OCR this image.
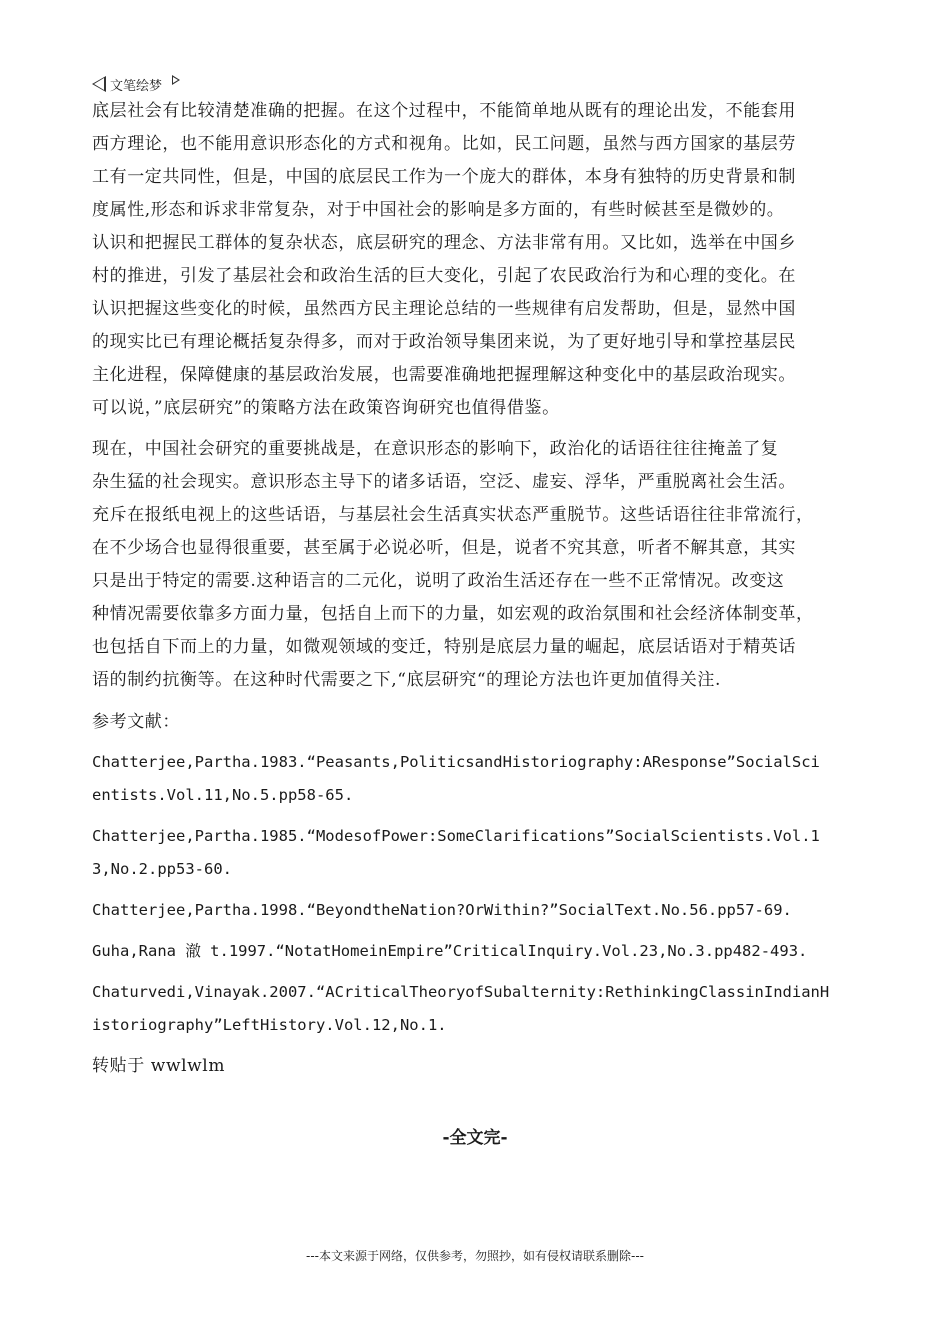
文笔绘梦
底层社会有比较清楚准确的把握。在这个过程中，不能简单地从既有的理论出发，不能套用
西方理论，也不能用意识形态化的方式和视角。比如，民工问题，虽然与西方国家的基层劳
工有一定共同性，但是，中国的底层民工作为一个庞大的群体，本身有独特的历史背景和制
度属性,形态和诉求非常复杂，对于中国社会的影响是多方面的，有些时候甚至是微妙的。
认识和把握民工群体的复杂状态，底层研究的理念、方法非常有用。又比如，选举在中国乡
村的推进，引发了基层社会和政治生活的巨大变化，引起了农民政治行为和心理的变化。在
认识把握这些变化的时候，虽然西方民主理论总结的一些规律有启发帮助，但是，显然中国
的现实比已有理论概括复杂得多，而对于政治领导集团来说，为了更好地引导和掌控基层民
主化进程，保障健康的基层政治发展，也需要准确地把握理解这种变化中的基层政治现实。
可以说，”底层研究”的策略方法在政策咨询研究也值得借鉴。
现在，中国社会研究的重要挑战是，在意识形态的影响下，政治化的话语往往往掩盖了复
杂生猛的社会现实。意识形态主导下的诸多话语，空泛、虚妄、浮华，严重脱离社会生活。
充斥在报纸电视上的这些话语，与基层社会生活真实状态严重脱节。这些话语往往非常流行，
在不少场合也显得很重要，甚至属于必说必听，但是，说者不究其意，听者不解其意，其实
只是出于特定的需要.这种语言的二元化，说明了政治生活还存在一些不正常情况。改变这
种情况需要依靠多方面力量，包括自上而下的力量，如宏观的政治氛围和社会经济体制变革，
也包括自下而上的力量，如微观领域的变迁，特别是底层力量的崛起，底层话语对于精英话
语的制约抗衡等。在这种时代需要之下,“底层研究“的理论方法也许更加值得关注.
参考文献：
Chatterjee,Partha.1983.“Peasants,PoliticsandHistoriography:AResponse”SocialSci
entists.Vol.11,No.5.pp58-65.
Chatterjee,Partha.1985.“ModesofPower:SomeClarifications”SocialScientists.Vol.1
3,No.2.pp53-60.
Chatterjee,Partha.1998.“BeyondtheNation?OrWithin?”SocialText.No.56.pp57-69.
Guha,Rana 澈 t.1997.“NotatHomeinEmpire”CriticalInquiry.Vol.23,No.3.pp482-493.
Chaturvedi,Vinayak.2007.“ACriticalTheoryofSubalternity:RethinkingClassinIndianH
istoriography”LeftHistory.Vol.12,No.1.
转贴于 wwlwlm
-全文完-
---本文来源于网络，仅供参考，勿照抄，如有侵权请联系删除---
